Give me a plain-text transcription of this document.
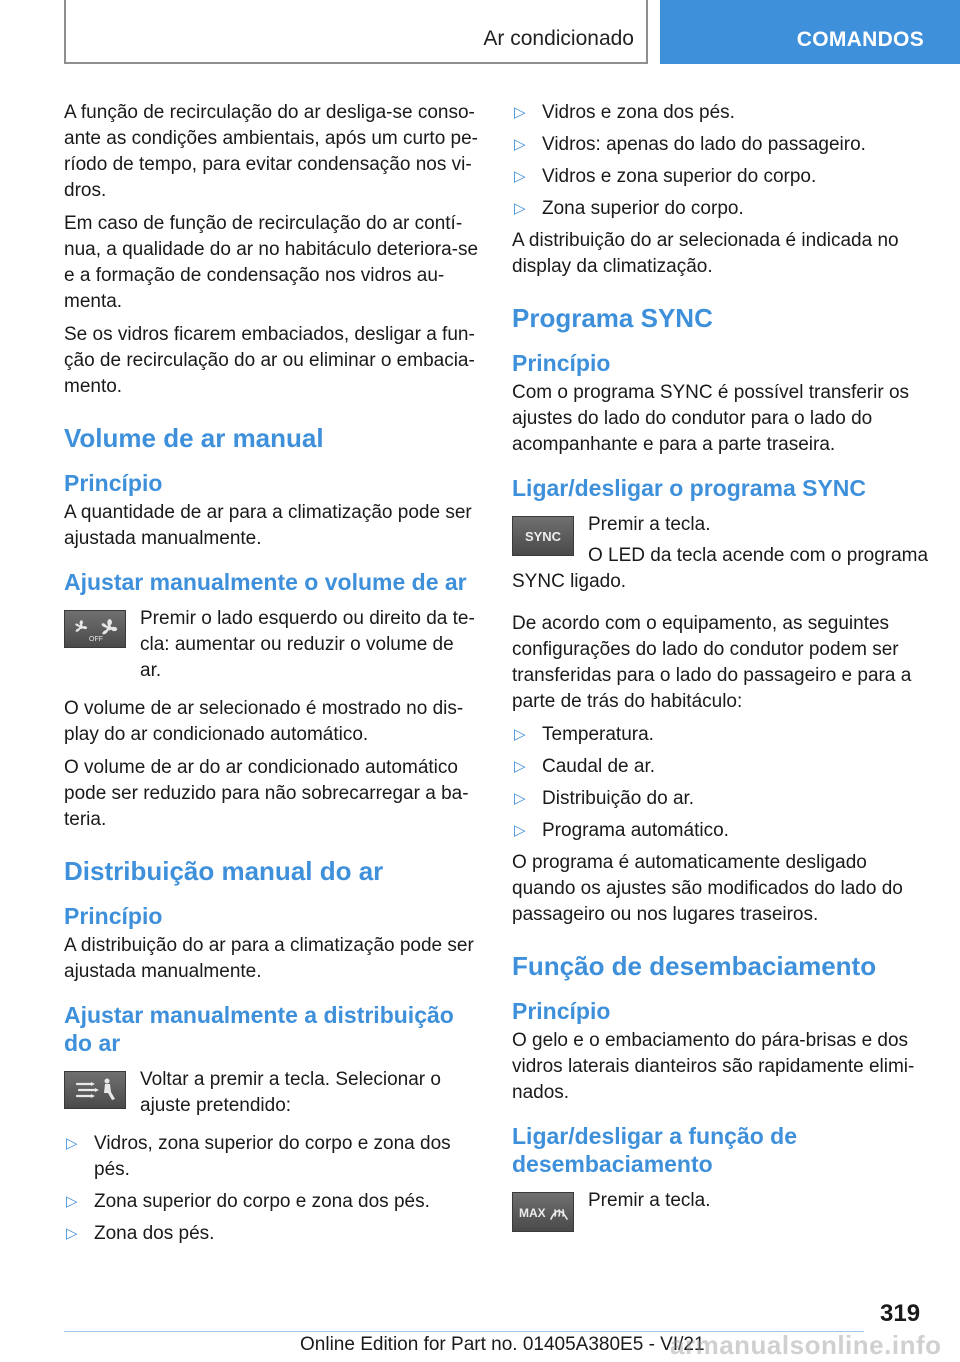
Ar condicionado	COMANDOS

A função de recirculação do ar desliga-se conso- ante as condições ambientais, após um curto pe- ríodo de tempo, para evitar condensação nos vi- dros.

Em caso de função de recirculação do ar contí- nua, a qualidade do ar no habitáculo deteriora-se e a formação de condensação nos vidros au- menta.

Se os vidros ficarem embaciados, desligar a fun- ção de recirculação do ar ou eliminar o embacia- mento.

Volume de ar manual
Princípio

A quantidade de ar para a climatização pode ser ajustada manualmente.

Ajustar manualmente o volume de ar
OFF

Premir o lado esquerdo ou direito da te- cla: aumentar ou reduzir o volume de ar.

O volume de ar selecionado é mostrado no dis- play do ar condicionado automático.

O volume de ar do ar condicionado automático pode ser reduzido para não sobrecarregar a ba- teria.

Distribuição manual do ar
Princípio

A distribuição do ar para a climatização pode ser ajustada manualmente.

Ajustar manualmente a distribuição do ar

Voltar a premir a tecla. Selecionar o ajuste pretendido:

▷ Vidros, zona superior do corpo e zona dos pés.
▷ Zona superior do corpo e zona dos pés.
▷ Zona dos pés.
▷ Vidros e zona dos pés.
▷ Vidros: apenas do lado do passageiro.
▷ Vidros e zona superior do corpo.
▷ Zona superior do corpo.

A distribuição do ar selecionada é indicada no display da climatização.

Programa SYNC
Princípio

Com o programa SYNC é possível transferir os ajustes do lado do condutor para o lado do acompanhante e para a parte traseira.

Ligar/desligar o programa SYNC
SYNC

Premir a tecla.

O LED da tecla acende com o programa

SYNC ligado.

De acordo com o equipamento, as seguintes configurações do lado do condutor podem ser transferidas para o lado do passageiro e para a parte de trás do habitáculo:

▷ Temperatura.
▷ Caudal de ar.
▷ Distribuição do ar.
▷ Programa automático.

O programa é automaticamente desligado quando os ajustes são modificados do lado do passageiro ou nos lugares traseiros.

Função de desembaciamento
Princípio

O gelo e o embaciamento do pára-brisas e dos vidros laterais dianteiros são rapidamente elimi- nados.

Ligar/desligar a função de desembaciamento
MAX

Premir a tecla.

319
Online Edition for Part no. 01405A380E5 - VI/21
armanualsonline.info
